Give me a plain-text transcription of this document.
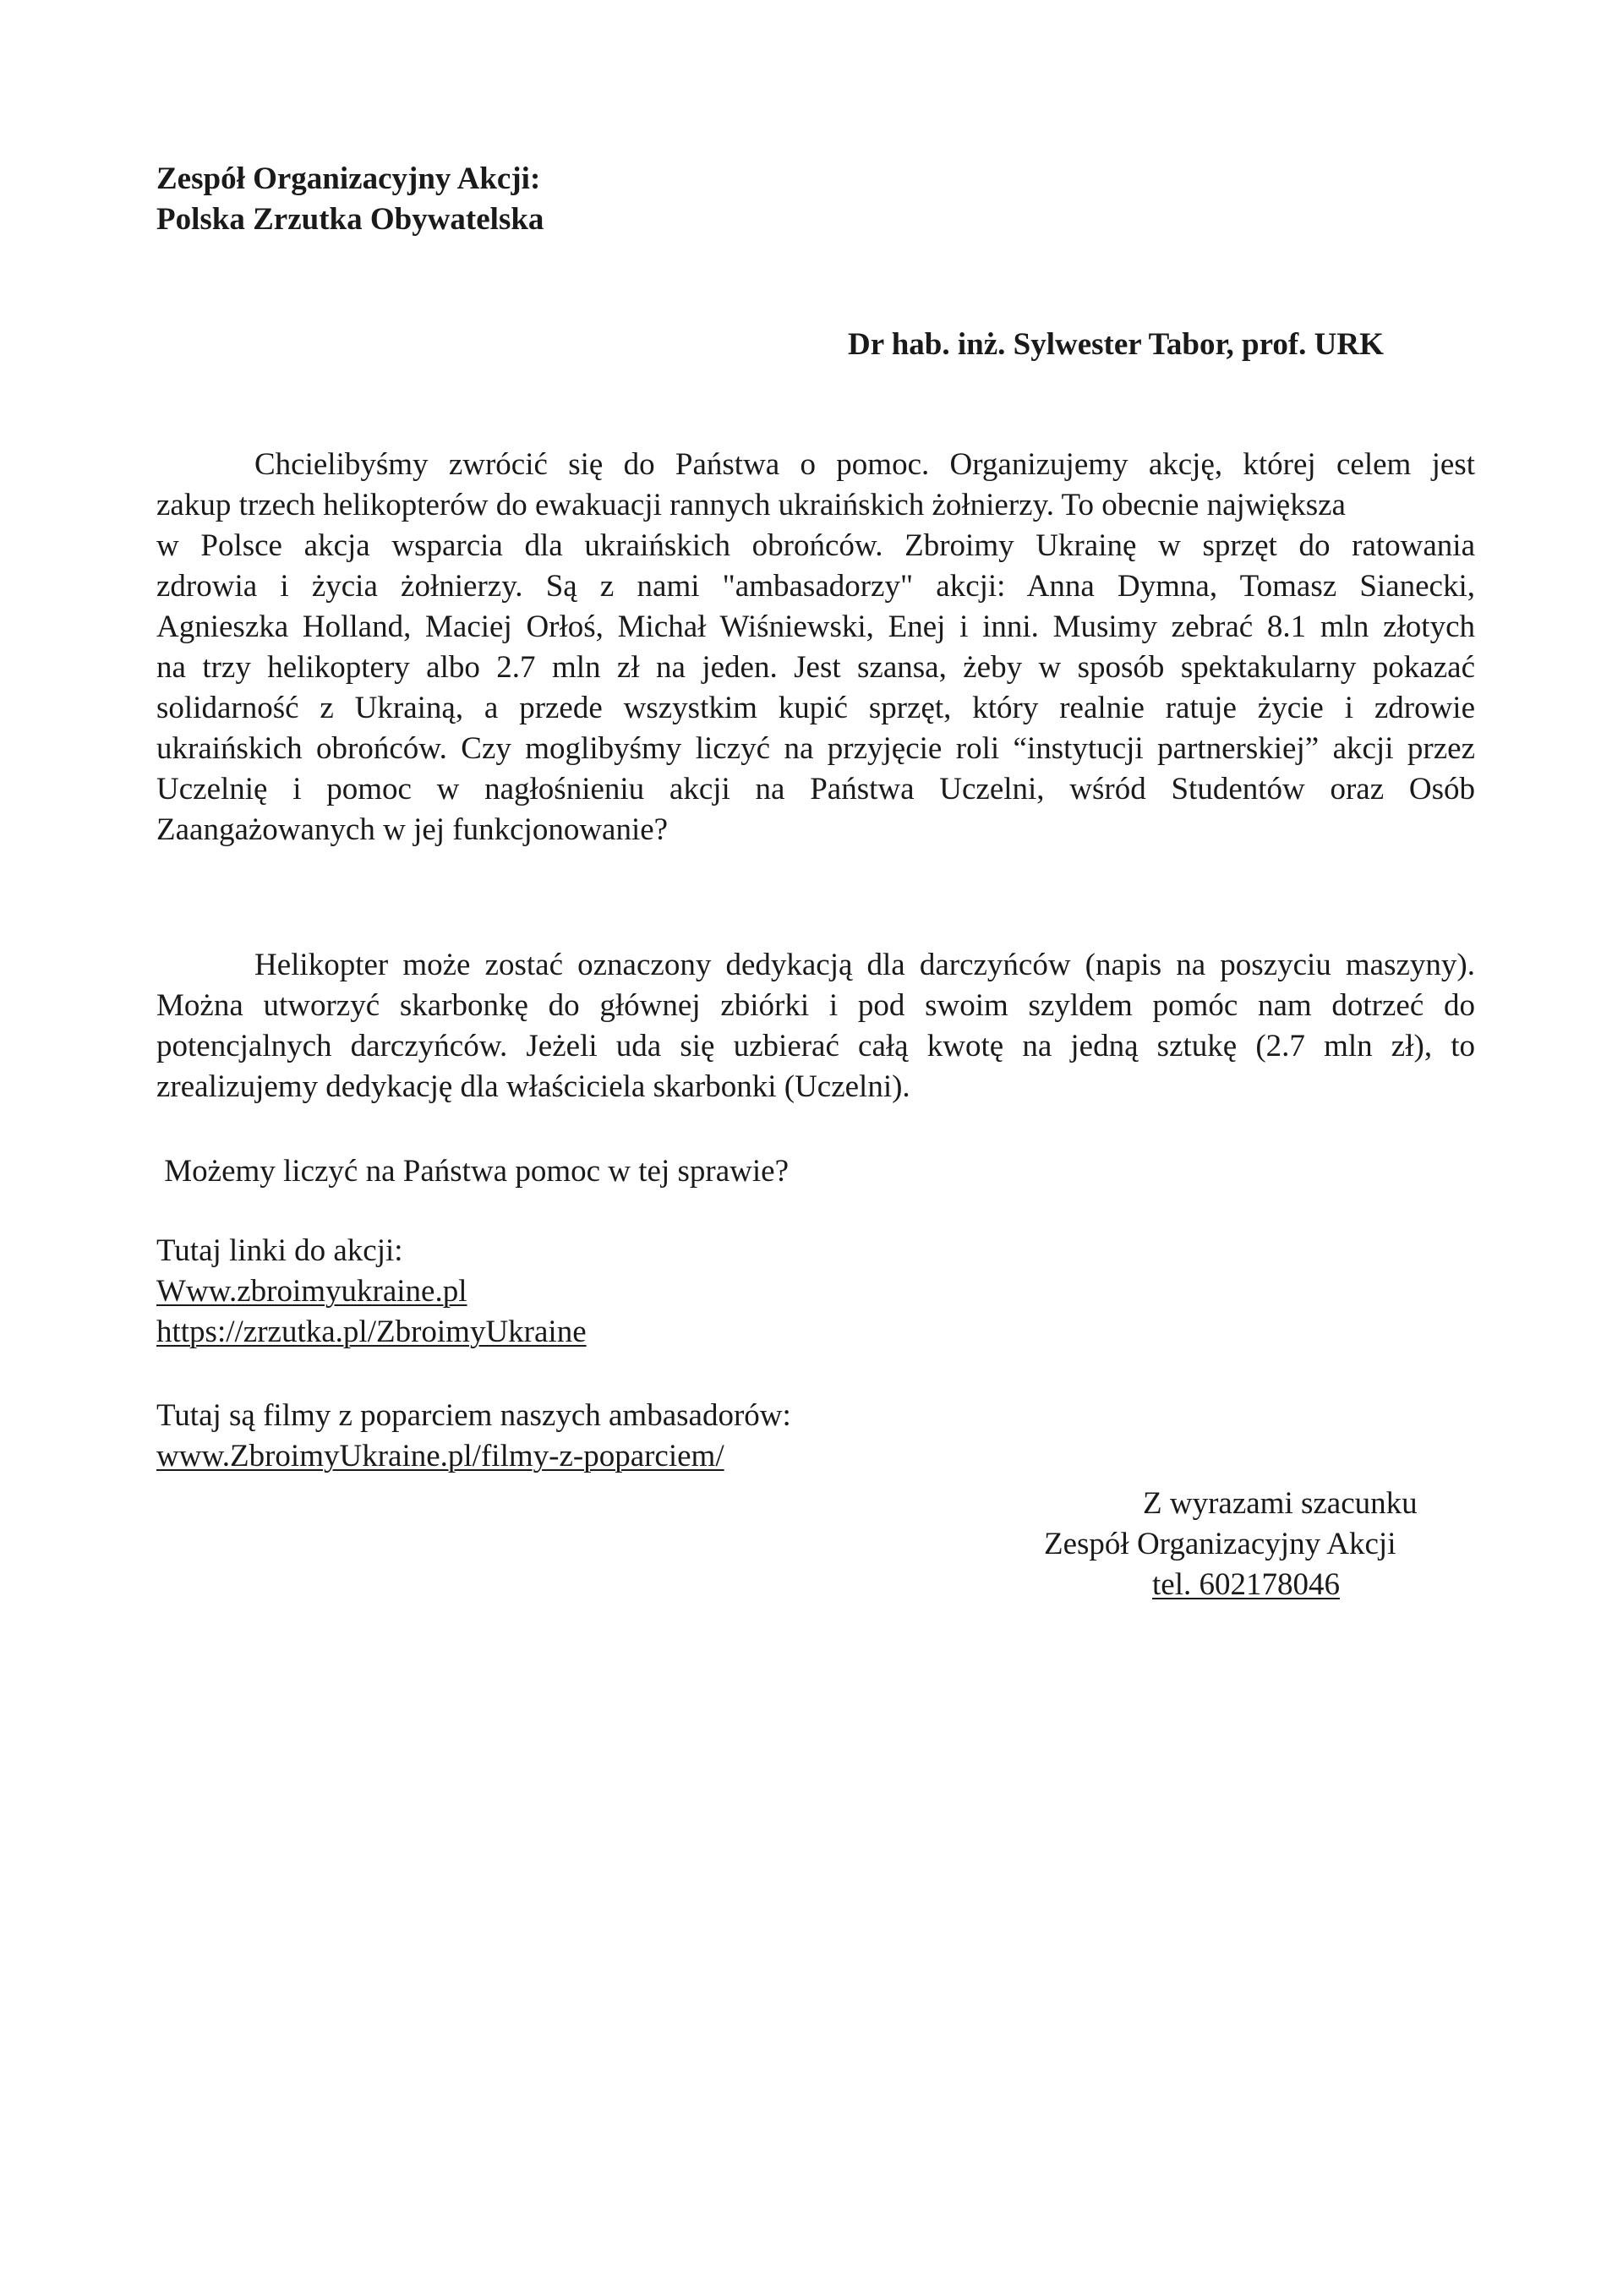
Zespół Organizacyjny Akcji:
Polska Zrzutka Obywatelska
Dr hab. inż. Sylwester Tabor, prof. URK
Chcielibyśmy zwrócić się do Państwa o pomoc. Organizujemy akcję, której celem jest
zakup trzech helikopterów do ewakuacji rannych ukraińskich żołnierzy. To obecnie największa
w Polsce akcja wsparcia dla ukraińskich obrońców. Zbroimy Ukrainę w sprzęt do ratowania
zdrowia i życia żołnierzy. Są z nami "ambasadorzy" akcji: Anna Dymna, Tomasz Sianecki,
Agnieszka Holland, Maciej Orłoś, Michał Wiśniewski, Enej i inni. Musimy zebrać 8.1 mln złotych
na trzy helikoptery albo 2.7 mln zł na jeden. Jest szansa, żeby w sposób spektakularny pokazać
solidarność z Ukrainą, a przede wszystkim kupić sprzęt, który realnie ratuje życie i zdrowie
ukraińskich obrońców. Czy moglibyśmy liczyć na przyjęcie roli “instytucji partnerskiej” akcji przez
Uczelnię i pomoc w nagłośnieniu akcji na Państwa Uczelni, wśród Studentów oraz Osób
Zaangażowanych w jej funkcjonowanie?
Helikopter może zostać oznaczony dedykacją dla darczyńców (napis na poszyciu maszyny).
Można utworzyć skarbonkę do głównej zbiórki i pod swoim szyldem pomóc nam dotrzeć do
potencjalnych darczyńców. Jeżeli uda się uzbierać całą kwotę na jedną sztukę (2.7 mln zł), to
zrealizujemy dedykację dla właściciela skarbonki (Uczelni).
Możemy liczyć na Państwa pomoc w tej sprawie?
Tutaj linki do akcji:
Www.zbroimyukraine.pl
https://zrzutka.pl/ZbroimyUkraine
Tutaj są filmy z poparciem naszych ambasadorów:
www.ZbroimyUkraine.pl/filmy-z-poparciem/
Z wyrazami szacunku
Zespół Organizacyjny Akcji
tel. 602178046
